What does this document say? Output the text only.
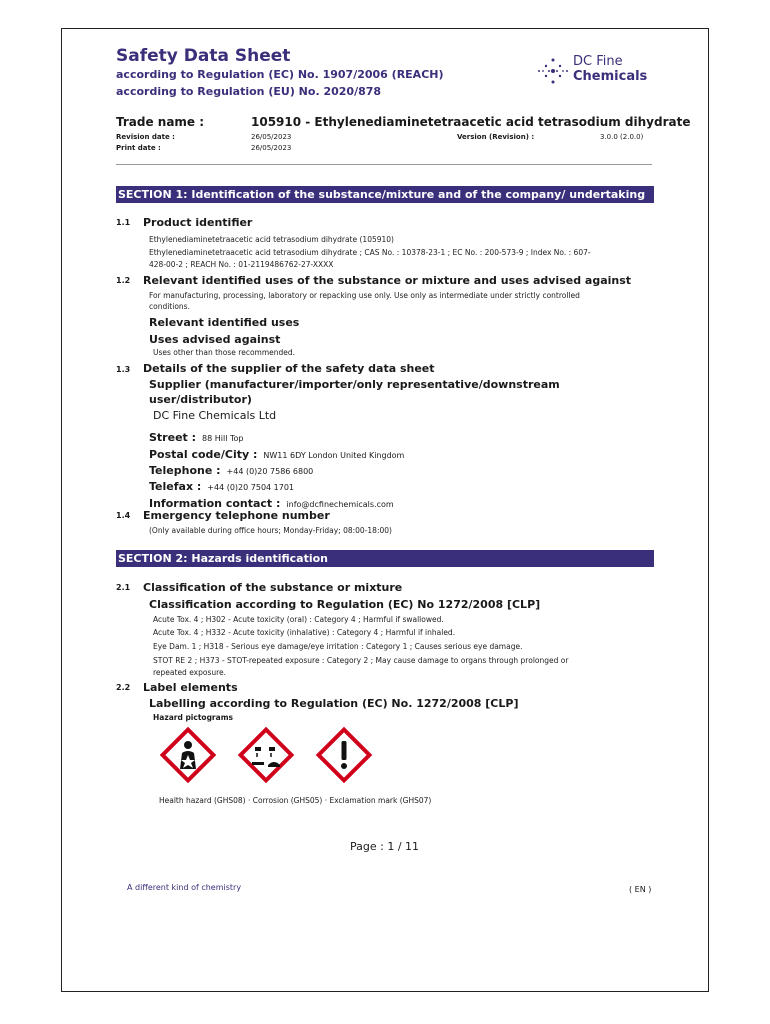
Safety Data Sheet
according to Regulation (EC) No. 1907/2006 (REACH)
according to Regulation (EU) No. 2020/878
DC Fine
Chemicals
Trade name :	105910 - Ethylenediaminetetraacetic acid tetrasodium dihydrate
Revision date :	26/05/2023
Print date :	26/05/2023
Version (Revision) :	3.0.0 (2.0.0)
SECTION 1: Identification of the substance/mixture and of the company/ undertaking
1.1 Product identifier
Ethylenediaminetetraacetic acid tetrasodium dihydrate (105910)
Ethylenediaminetetraacetic acid tetrasodium dihydrate ; CAS No. : 10378-23-1 ; EC No. : 200-573-9 ; Index No. : 607-
428-00-2 ; REACH No. : 01-2119486762-27-XXXX
1.2 Relevant identified uses of the substance or mixture and uses advised against
For manufacturing, processing, laboratory or repacking use only. Use only as intermediate under strictly controlled
conditions.
Relevant identified uses
Uses advised against
Uses other than those recommended.
1.3 Details of the supplier of the safety data sheet
Supplier (manufacturer/importer/only representative/downstream
user/distributor)
DC Fine Chemicals Ltd
Street : 88 Hill Top
Postal code/City : NW11 6DY London United Kingdom
Telephone : +44 (0)20 7586 6800
Telefax : +44 (0)20 7504 1701
Information contact : info@dcfinechemicals.com
1.4 Emergency telephone number
(Only available during office hours; Monday-Friday; 08:00-18:00)
SECTION 2: Hazards identification
2.1 Classification of the substance or mixture
Classification according to Regulation (EC) No 1272/2008 [CLP]
Acute Tox. 4 ; H302 - Acute toxicity (oral) : Category 4 ; Harmful if swallowed.
Acute Tox. 4 ; H332 - Acute toxicity (inhalative) : Category 4 ; Harmful if inhaled.
Eye Dam. 1 ; H318 - Serious eye damage/eye irritation : Category 1 ; Causes serious eye damage.
STOT RE 2 ; H373 - STOT-repeated exposure : Category 2 ; May cause damage to organs through prolonged or
repeated exposure.
2.2 Label elements
Labelling according to Regulation (EC) No. 1272/2008 [CLP]
Hazard pictograms
Health hazard (GHS08) · Corrosion (GHS05) · Exclamation mark (GHS07)
Page : 1 / 11
A different kind of chemistry	( EN )
